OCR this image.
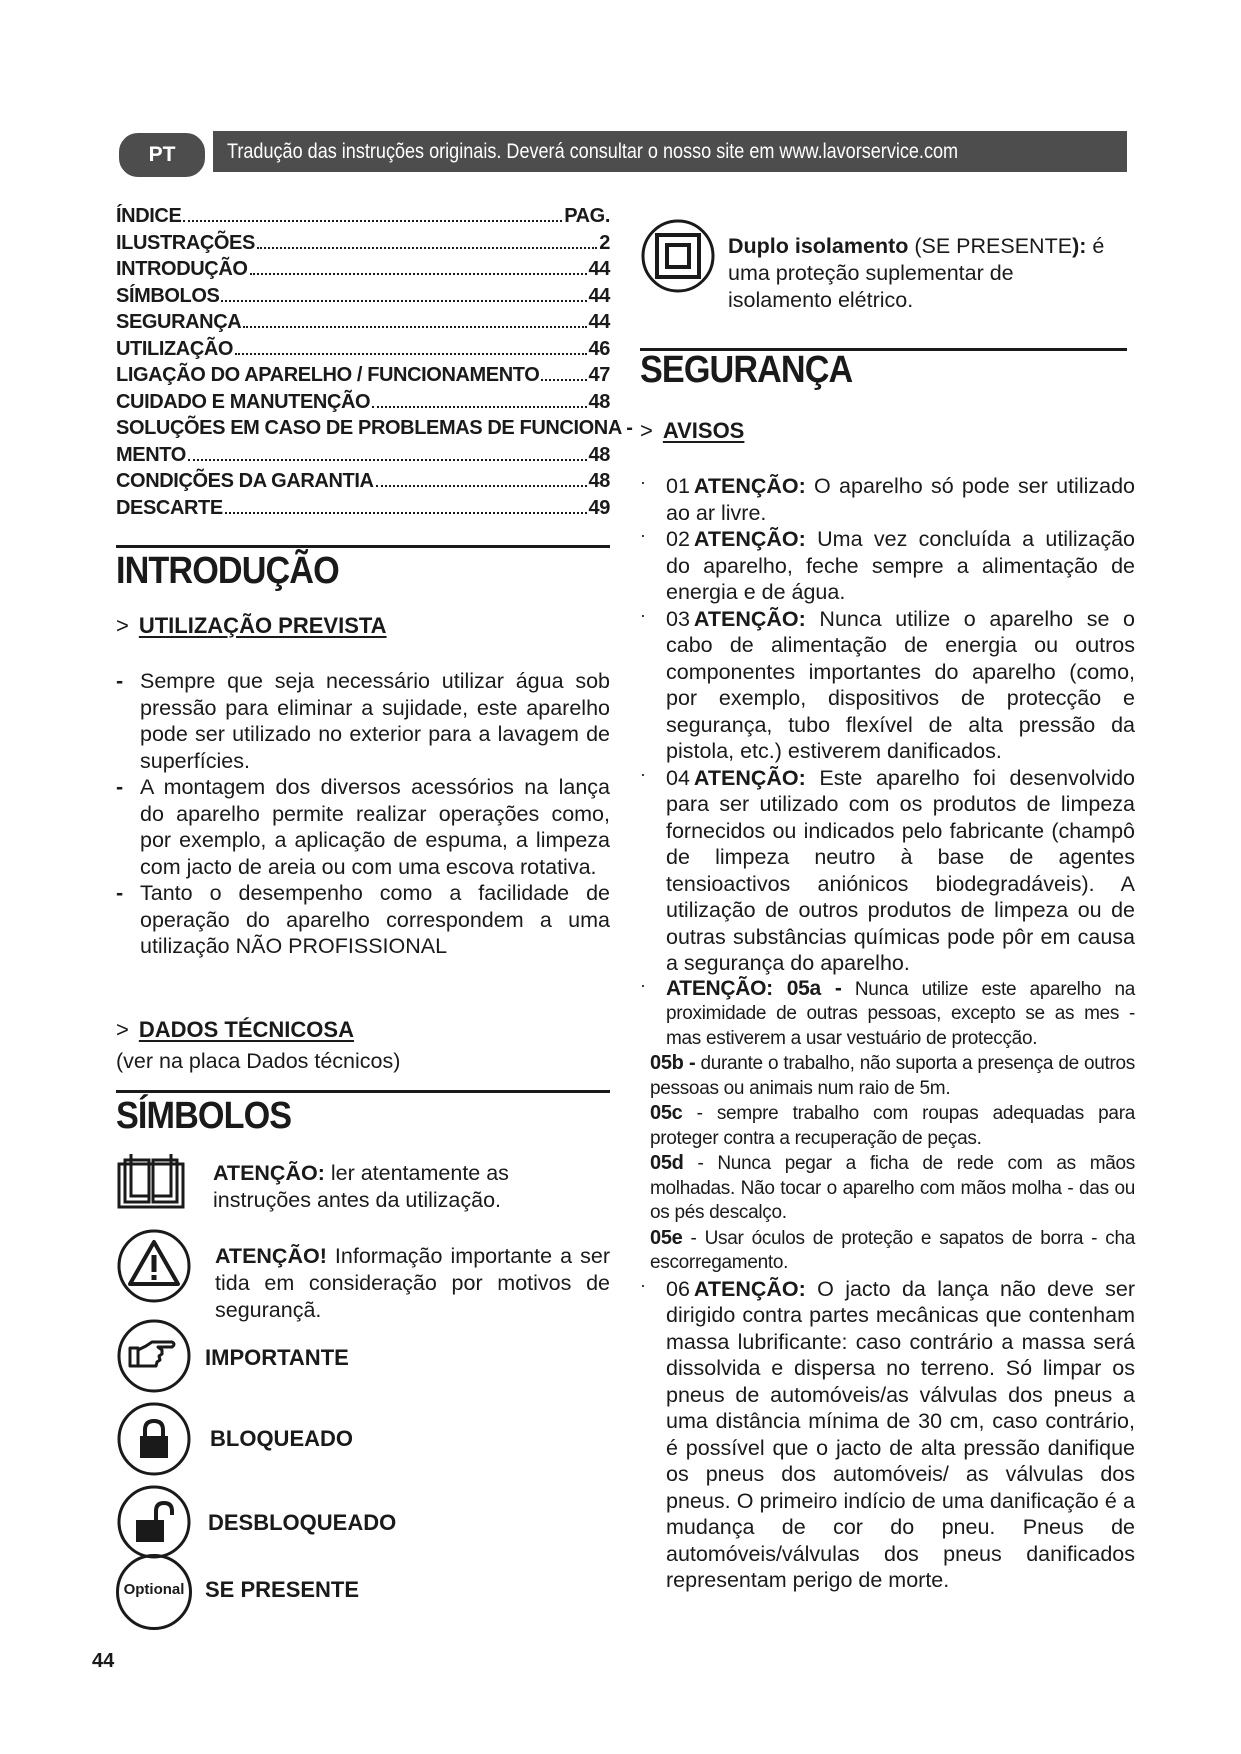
Tradução das instruções originais. Deverá consultar o nosso site em www.lavorservice.com
PT
ÍNDICE	PAG.
ILUSTRAÇÕES	2
INTRODUÇÃO	44
SÍMBOLOS	44
SEGURANÇA	44
UTILIZAÇÃO	46
LIGAÇÃO DO APARELHO / FUNCIONAMENTO 47
CUIDADO E MANUTENÇÃO	48
SOLUÇÕES EM CASO DE PROBLEMAS DE FUNCIONA -
MENTO	48
CONDIÇÕES DA GARANTIA	48
DESCARTE	49
INTRODUÇÃO
> UTILIZAÇÃO PREVISTA
- Sempre que seja necessário utilizar água sob pressão para eliminar a sujidade, este aparelho pode ser utilizado no exterior para a lavagem de superfícies.
- A montagem dos diversos acessórios na lança do aparelho permite realizar operações como, por exemplo, a aplicação de espuma, a limpeza com jacto de areia ou com uma escova rotativa.
- Tanto o desempenho como a facilidade de operação do aparelho correspondem a uma utilização NÃO PROFISSIONAL
> DADOS TÉCNICOSA
(ver na placa Dados técnicos)
SÍMBOLOS
ATENÇÃO: ler atentamente as instruções antes da utilização.
ATENÇÃO! Informação importante a ser tida em consideração por motivos de segurançã.
IMPORTANTE
BLOQUEADO
DESBLOQUEADO
Optional SE PRESENTE
Duplo isolamento (SE PRESENTE): é uma proteção suplementar de isolamento elétrico.
SEGURANÇA
> AVISOS
· 01 ATENÇÃO: O aparelho só pode ser utilizado ao ar livre.
· 02 ATENÇÃO: Uma vez concluída a utilização do aparelho, feche sempre a alimentação de energia e de água.
· 03 ATENÇÃO: Nunca utilize o aparelho se o cabo de alimentação de energia ou outros componentes importantes do aparelho (como, por exemplo, dispositivos de protecção e segurança, tubo flexível de alta pressão da pistola, etc.) estiverem danificados.
· 04 ATENÇÃO: Este aparelho foi desenvolvido para ser utilizado com os produtos de limpeza fornecidos ou indicados pelo fabricante (champô de limpeza neutro à base de agentes tensioactivos aniónicos biodegradáveis). A utilização de outros produtos de limpeza ou de outras substâncias químicas pode pôr em causa a segurança do aparelho.
· ATENÇÃO: 05a - Nunca utilize este aparelho na proximidade de outras pessoas, excepto se as mes - mas estiverem a usar vestuário de protecção.
05b - durante o trabalho, não suporta a presença de outros pessoas ou animais num raio de 5m.
05c - sempre trabalho com roupas adequadas para proteger contra a recuperação de peças.
05d - Nunca pegar a ficha de rede com as mãos molhadas. Não tocar o aparelho com mãos molha - das ou os pés descalço.
05e - Usar óculos de proteção e sapatos de borra - cha escorregamento.
· 06 ATENÇÃO: O jacto da lança não deve ser dirigido contra partes mecânicas que contenham massa lubrificante: caso contrário a massa será dissolvida e dispersa no terreno. Só limpar os pneus de automóveis/as válvulas dos pneus a uma distância mínima de 30 cm, caso contrário, é possível que o jacto de alta pressão danifique os pneus dos automóveis/ as válvulas dos pneus. O primeiro indício de uma danificação é a mudança de cor do pneu. Pneus de automóveis/válvulas dos pneus danificados representam perigo de morte.
44
